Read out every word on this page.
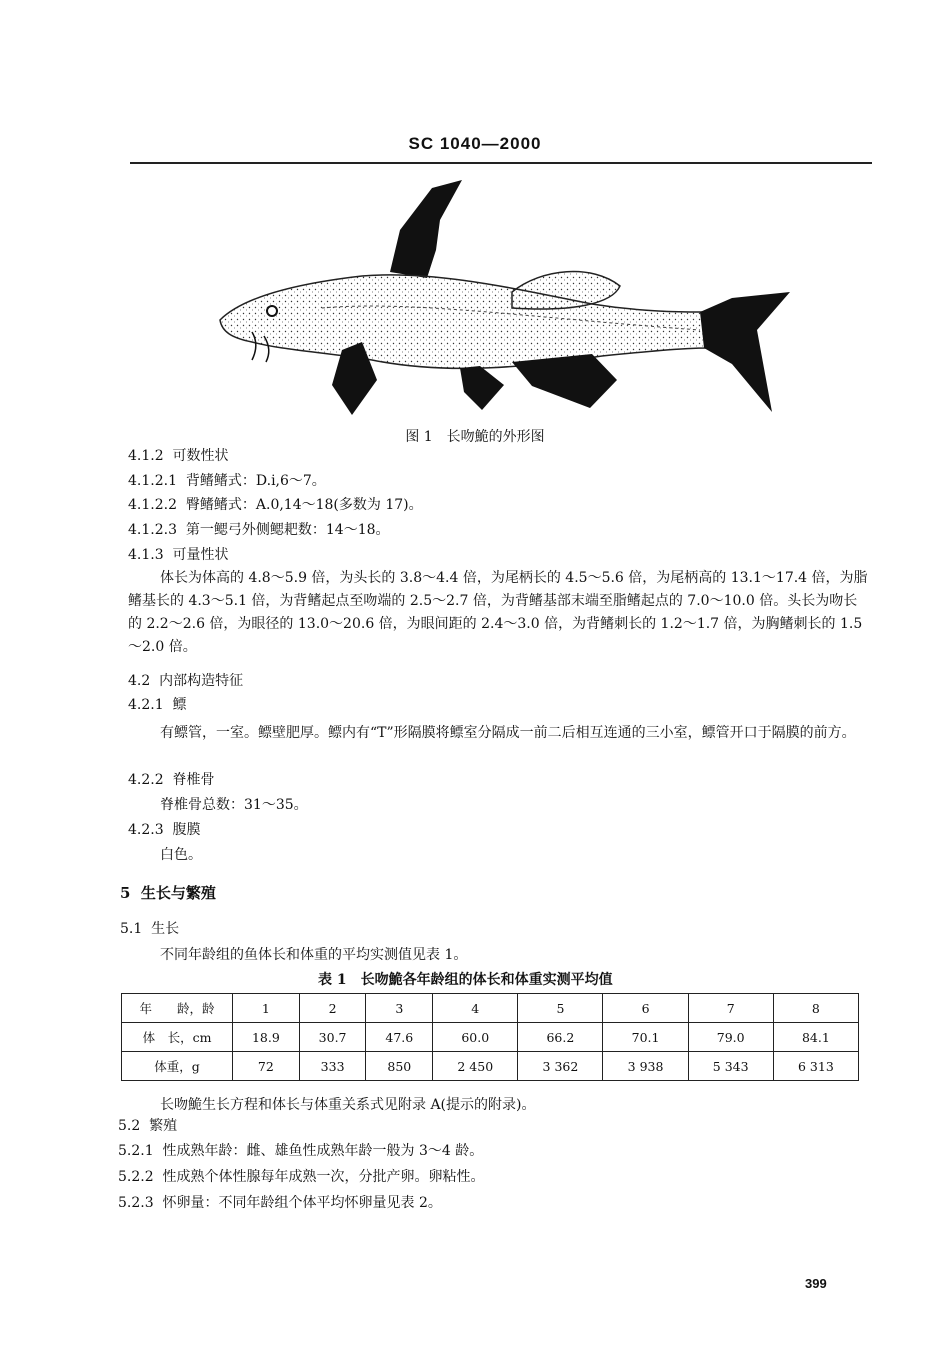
SC 1040—2000
图 1　长吻鮠的外形图
4.1.2 可数性状
4.1.2.1 背鳍鳍式：D.ⅰ,6～7。
4.1.2.2 臀鳍鳍式：A.0,14～18(多数为 17)。
4.1.2.3 第一鳃弓外侧鳃耙数：14～18。
4.1.3 可量性状
体长为体高的 4.8～5.9 倍，为头长的 3.8～4.4 倍，为尾柄长的 4.5～5.6 倍，为尾柄高的 13.1～17.4 倍，为脂鳍基长的 4.3～5.1 倍，为背鳍起点至吻端的 2.5～2.7 倍，为背鳍基部末端至脂鳍起点的 7.0～10.0 倍。头长为吻长的 2.2～2.6 倍，为眼径的 13.0～20.6 倍，为眼间距的 2.4～3.0 倍，为背鳍刺长的 1.2～1.7 倍，为胸鳍刺长的 1.5～2.0 倍。
4.2 内部构造特征
4.2.1 鳔
有鳔管，一室。鳔壁肥厚。鳔内有“T”形隔膜将鳔室分隔成一前二后相互连通的三小室，鳔管开口于隔膜的前方。
4.2.2 脊椎骨
脊椎骨总数：31～35。
4.2.3 腹膜
白色。
5 生长与繁殖
5.1 生长
不同年龄组的鱼体长和体重的平均实测值见表 1。
表 1　长吻鮠各年龄组的体长和体重实测平均值
年　　龄，龄	1	2	3	4	5	6	7	8
体　长，cm	18.9	30.7	47.6	60.0	66.2	70.1	79.0	84.1
体重，g	72	333	850	2 450	3 362	3 938	5 343	6 313
长吻鮠生长方程和体长与体重关系式见附录 A(提示的附录)。
5.2 繁殖
5.2.1 性成熟年龄：雌、雄鱼性成熟年龄一般为 3～4 龄。
5.2.2 性成熟个体性腺每年成熟一次，分批产卵。卵粘性。
5.2.3 怀卵量：不同年龄组个体平均怀卵量见表 2。
399
